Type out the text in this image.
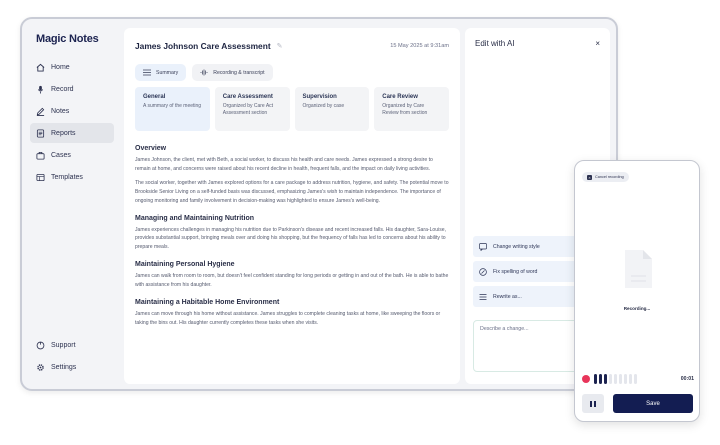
Magic Notes
Home
Record
Notes
Reports
Cases
Templates
Support
Settings
James Johnson Care Assessment ✎	15 May 2025 at 9:31am
Summary	Recording & transcript
General
A summary of the meeting
Care Assessment
Organized by Care Act Assessment section
Supervision
Organized by case
Care Review
Organized by Care Review from section
Overview
James Johnson, the client, met with Beth, a social worker, to discuss his health and care needs. James expressed a strong desire to remain at home, and concerns were raised about his recent decline in health, frequent falls, and the impact on daily living activities.
The social worker, together with James explored options for a care package to address nutrition, hygiene, and safety. The potential move to Brookside Senior Living on a self-funded basis was discussed, emphasizing James's wish to maintain independence. The importance of ongoing monitoring and family involvement in decision-making was highlighted to ensure James's well-being.
Managing and Maintaining Nutrition
James experiences challenges in managing his nutrition due to Parkinson's disease and recent increased falls. His daughter, Sara-Louise, provides substantial support, bringing meals over and doing his shopping, but the frequency of falls has led to concerns about his ability to prepare meals.
Maintaining Personal Hygiene
James can walk from room to room, but doesn't feel confident standing for long periods or getting in and out of the bath. He is able to bathe with assistance from his daughter.
Maintaining a Habitable Home Environment
James can move through his home without assistance. James struggles to complete cleaning tasks at home, like sweeping the floors or taking the bins out. His daughter currently completes these tasks when she visits.
Edit with AI	×
Change writing style
Fix spelling of word
Rewrite as...
Describe a change...
×	Cancel recording
Recording...
00:01
Save
